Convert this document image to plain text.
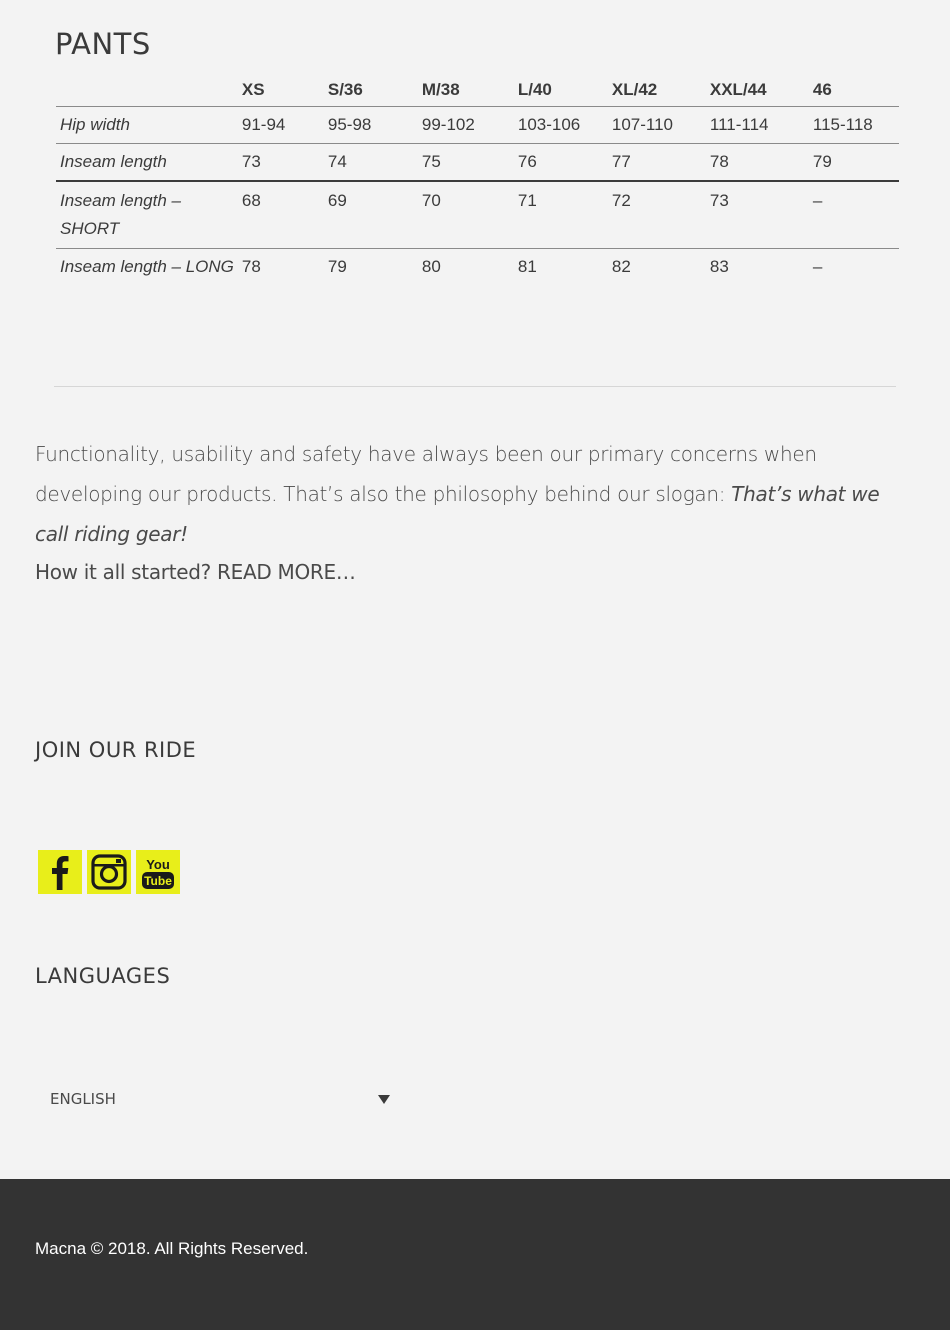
PANTS
	XS	S/36	M/38	L/40	XL/42	XXL/44	46
Hip width	91-94	95-98	99-102	103-106	107-110	111-114	115-118
Inseam length	73	74	75	76	77	78	79
Inseam length – SHORT	68	69	70	71	72	73	–
Inseam length – LONG	78	79	80	81	82	83	–

Functionality, usability and safety have always been our primary concerns when developing our products. That’s also the philosophy behind our slogan: That’s what we call riding gear!

How it all started? READ MORE…

JOIN OUR RIDE
You
Tube
LANGUAGES
ENGLISH
Macna © 2018. All Rights Reserved.
